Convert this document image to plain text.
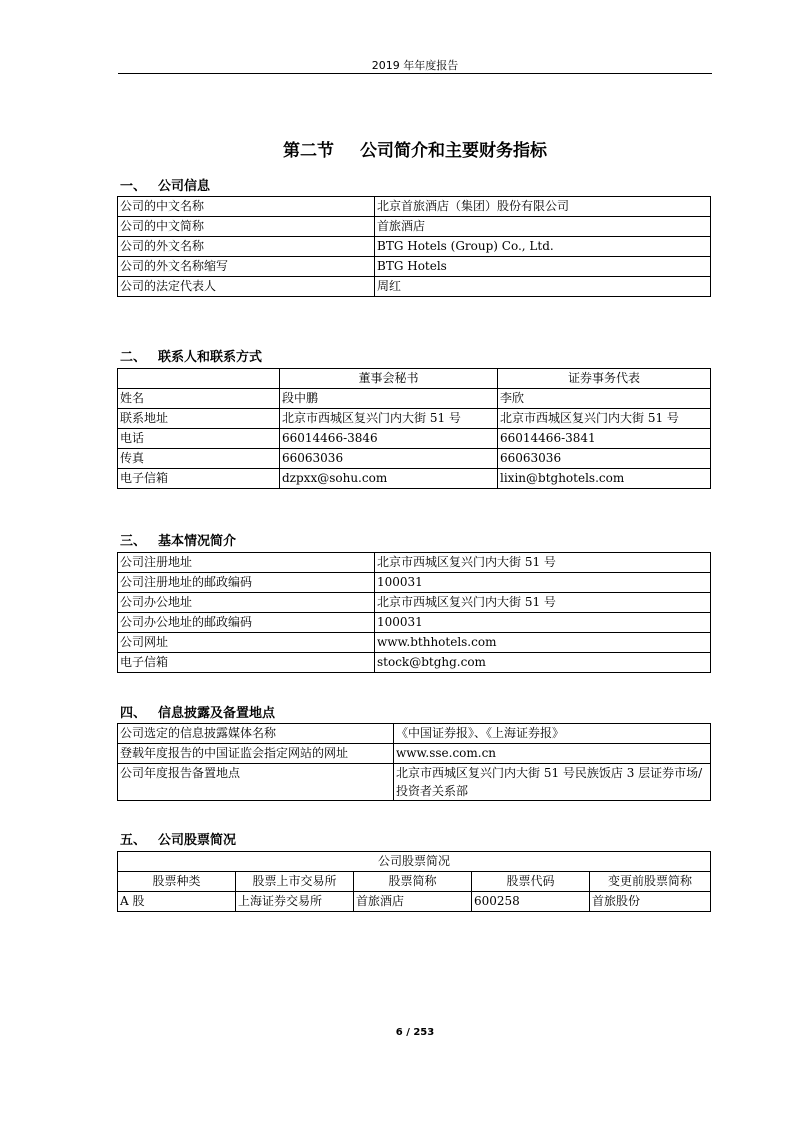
2019 年年度报告
第二节 公司简介和主要财务指标
一、 公司信息
公司的中文名称	北京首旅酒店（集团）股份有限公司
公司的中文简称	首旅酒店
公司的外文名称	BTG Hotels (Group) Co., Ltd.
公司的外文名称缩写	BTG Hotels
公司的法定代表人	周红
二、 联系人和联系方式
	董事会秘书	证券事务代表
姓名	段中鹏	李欣
联系地址	北京市西城区复兴门内大街 51 号	北京市西城区复兴门内大街 51 号
电话	66014466-3846	66014466-3841
传真	66063036	66063036
电子信箱	dzpxx@sohu.com	lixin@btghotels.com
三、 基本情况简介
公司注册地址	北京市西城区复兴门内大街 51 号
公司注册地址的邮政编码	100031
公司办公地址	北京市西城区复兴门内大街 51 号
公司办公地址的邮政编码	100031
公司网址	www.bthhotels.com
电子信箱	stock@btghg.com
四、 信息披露及备置地点
公司选定的信息披露媒体名称	《中国证券报》、《上海证券报》
登载年度报告的中国证监会指定网站的网址	www.sse.com.cn
公司年度报告备置地点	北京市西城区复兴门内大街 51 号民族饭店 3 层证券市场/投资者关系部
五、 公司股票简况
公司股票简况				
股票种类	股票上市交易所	股票简称	股票代码	变更前股票简称
A 股	上海证券交易所	首旅酒店	600258	首旅股份
6 / 253
